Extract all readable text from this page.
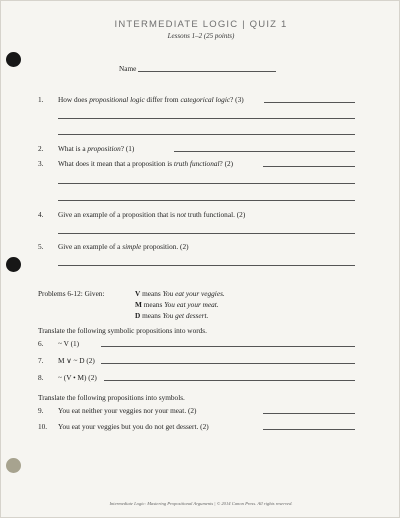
INTERMEDIATE LOGIC | QUIZ 1
Lessons 1–2 (25 points)
Name
1. How does propositional logic differ from categorical logic? (3)
2. What is a proposition? (1)
3. What does it mean that a proposition is truth functional? (2)
4. Give an example of a proposition that is not truth functional. (2)
5. Give an example of a simple proposition. (2)
Problems 6-12: Given:	V means You eat your veggies.
M means You eat your meat.
D means You get dessert.
Translate the following symbolic propositions into words.
6. ~ V (1)
7. M ∨ ~ D (2)
8. ~ (V • M) (2)
Translate the following propositions into symbols.
9. You eat neither your veggies nor your meat. (2)
10. You eat your veggies but you do not get dessert. (2)
Intermediate Logic: Mastering Propositional Arguments | © 2014 Canon Press. All rights reserved.
